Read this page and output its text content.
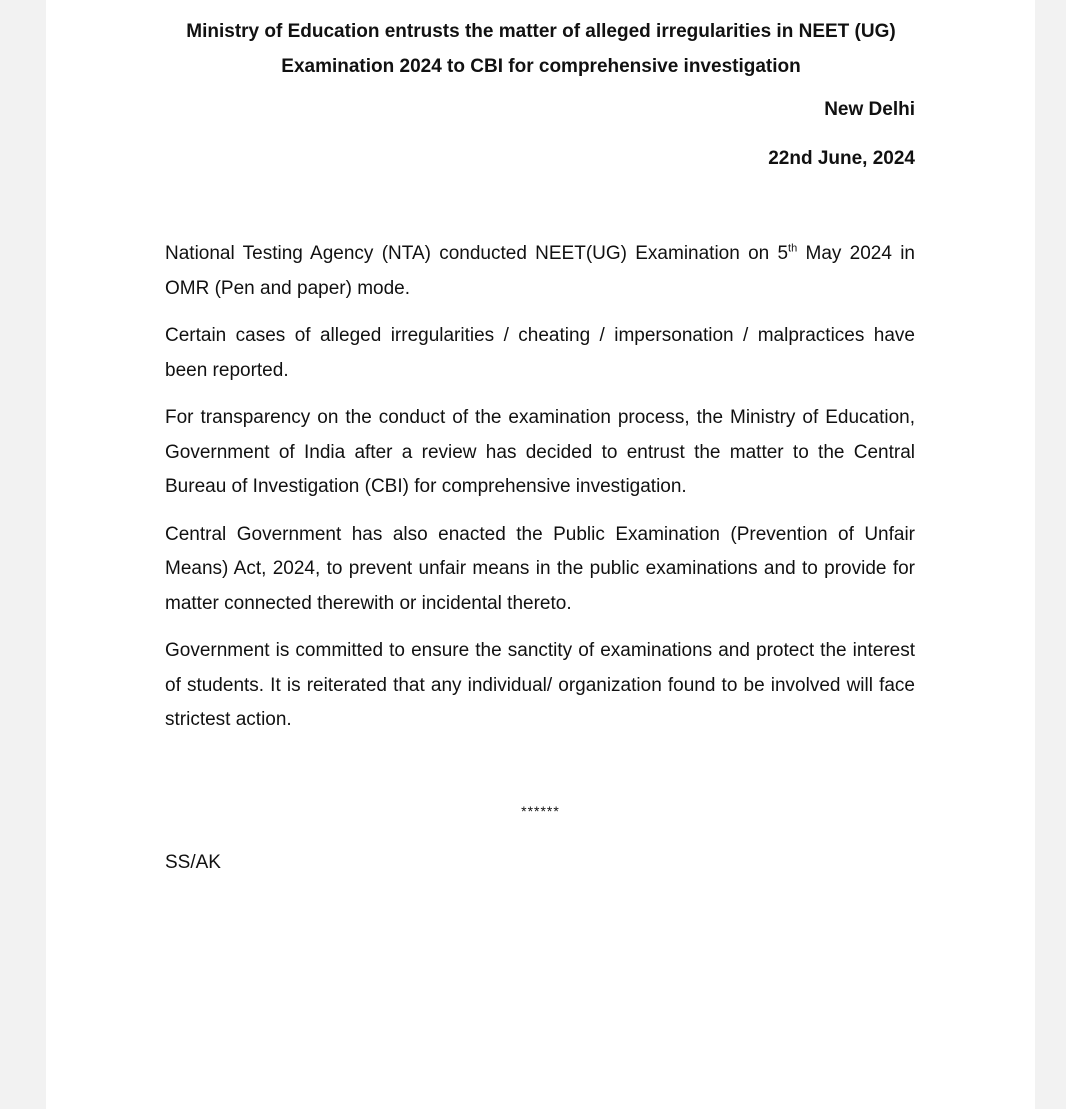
Ministry of Education entrusts the matter of alleged irregularities in NEET (UG)
Examination 2024 to CBI for comprehensive investigation

New Delhi

22nd June, 2024

National Testing Agency (NTA) conducted NEET(UG) Examination on 5th May 2024 in OMR (Pen and paper) mode.

Certain cases of alleged irregularities / cheating / impersonation / malpractices have been reported.

For transparency on the conduct of the examination process, the Ministry of Education, Government of India after a review has decided to entrust the matter to the Central Bureau of Investigation (CBI) for comprehensive investigation.

Central Government has also enacted the Public Examination (Prevention of Unfair Means) Act, 2024, to prevent unfair means in the public examinations and to provide for matter connected therewith or incidental thereto.

Government is committed to ensure the sanctity of examinations and protect the interest of students. It is reiterated that any individual/ organization found to be involved will face strictest action.

******

SS/AK
